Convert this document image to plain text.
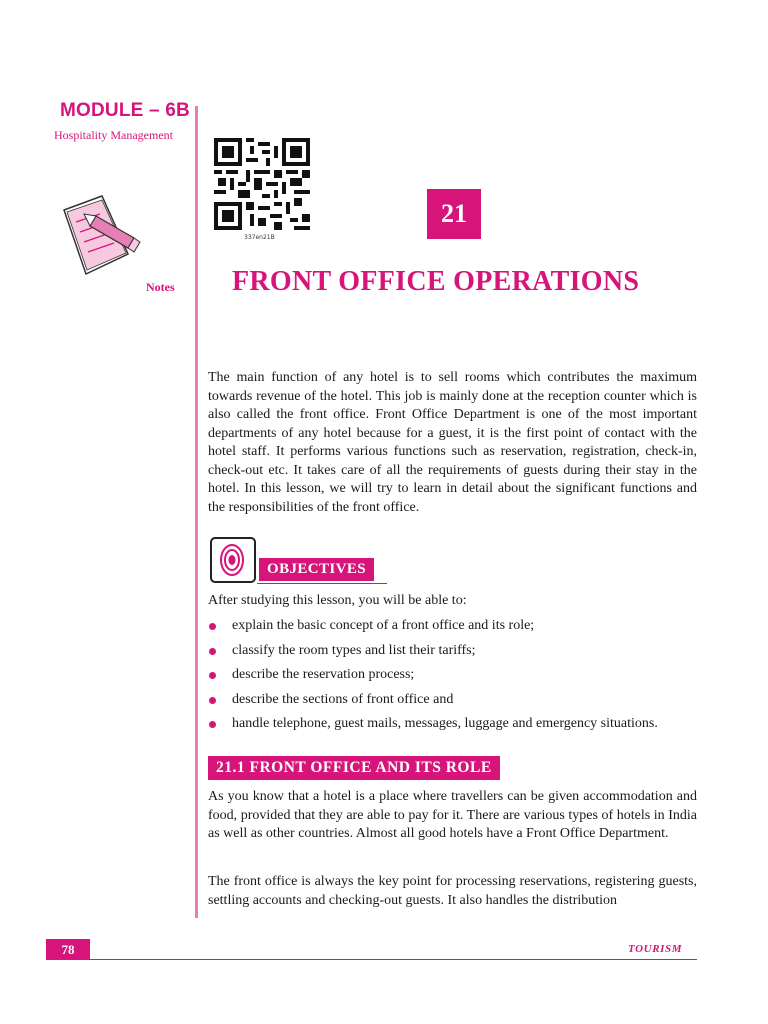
MODULE – 6B
Hospitality Management
Notes
337en21B
21
FRONT OFFICE OPERATIONS

The main function of any hotel is to sell rooms which contributes the maximum towards revenue of the hotel. This job is mainly done at the reception counter which is also called the front office. Front Office Department is one of the most important departments of any hotel because for a guest, it is the first point of contact with the hotel staff. It performs various functions such as reservation, registration, check-in, check-out etc. It takes care of all the requirements of guests during their stay in the hotel. In this lesson, we will try to learn in detail about the significant functions and the responsibilities of the front office.

OBJECTIVES

After studying this lesson, you will be able to:

explain the basic concept of a front office and its role;
classify the room types and list their tariffs;
describe the reservation process;
describe the sections of front office and
handle telephone, guest mails, messages, luggage and emergency situations.
21.1 FRONT OFFICE AND ITS ROLE

As you know that a hotel is a place where travellers can be given accommodation and food, provided that they are able to pay for it. There are various types of hotels in India as well as other countries. Almost all good hotels have a Front Office Department.

The front office is always the key point for processing reservations, registering guests, settling accounts and checking-out guests. It also handles the distribution

78	TOURISM
